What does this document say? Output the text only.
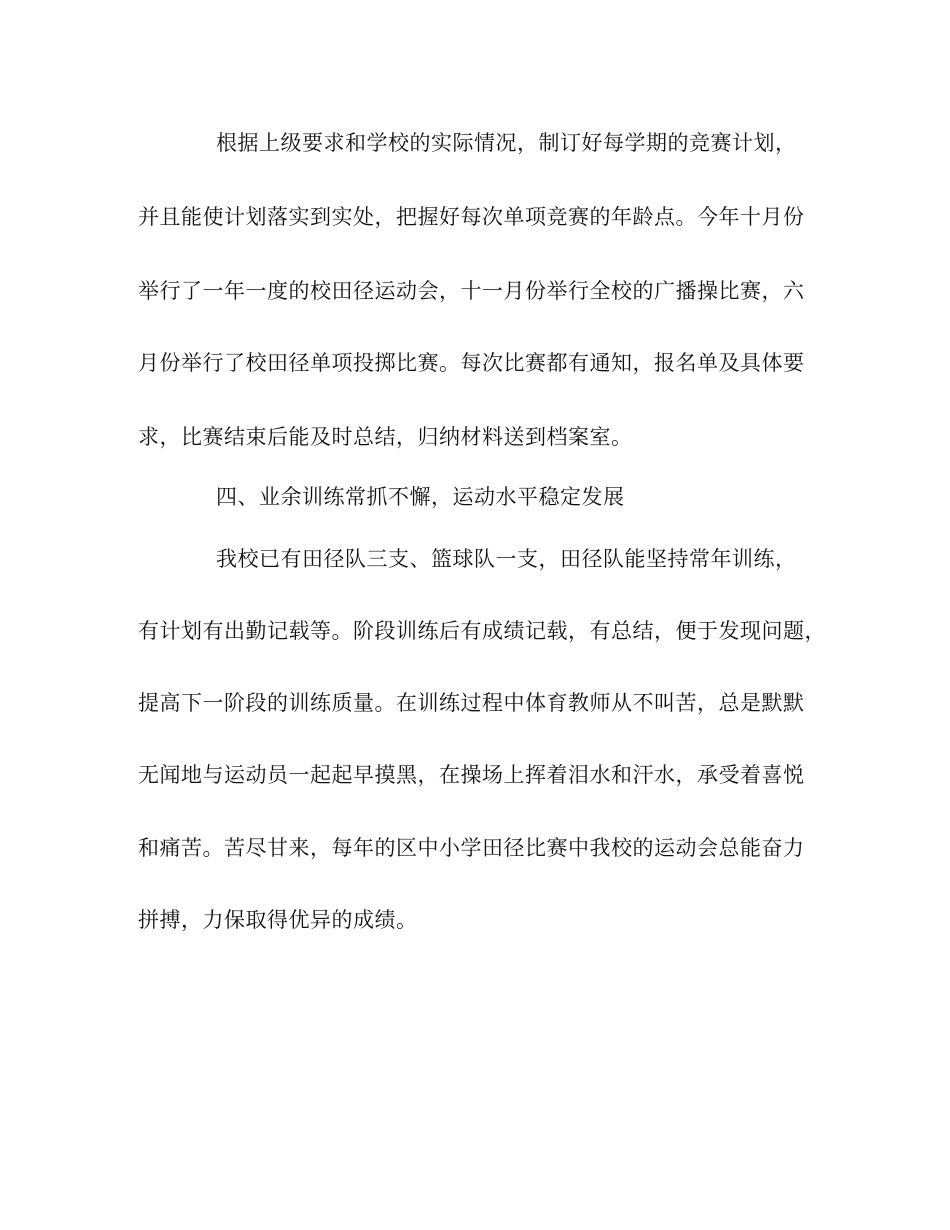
根据上级要求和学校的实际情况，制订好每学期的竞赛计划，
并且能使计划落实到实处，把握好每次单项竞赛的年龄点。今年十月份
举行了一年一度的校田径运动会，十一月份举行全校的广播操比赛，六
月份举行了校田径单项投掷比赛。每次比赛都有通知，报名单及具体要
求，比赛结束后能及时总结，归纳材料送到档案室。
四、业余训练常抓不懈，运动水平稳定发展
我校已有田径队三支、篮球队一支，田径队能坚持常年训练，
有计划有出勤记载等。阶段训练后有成绩记载，有总结，便于发现问题，
提高下一阶段的训练质量。在训练过程中体育教师从不叫苦，总是默默
无闻地与运动员一起起早摸黑，在操场上挥着泪水和汗水，承受着喜悦
和痛苦。苦尽甘来，每年的区中小学田径比赛中我校的运动会总能奋力
拼搏，力保取得优异的成绩。
